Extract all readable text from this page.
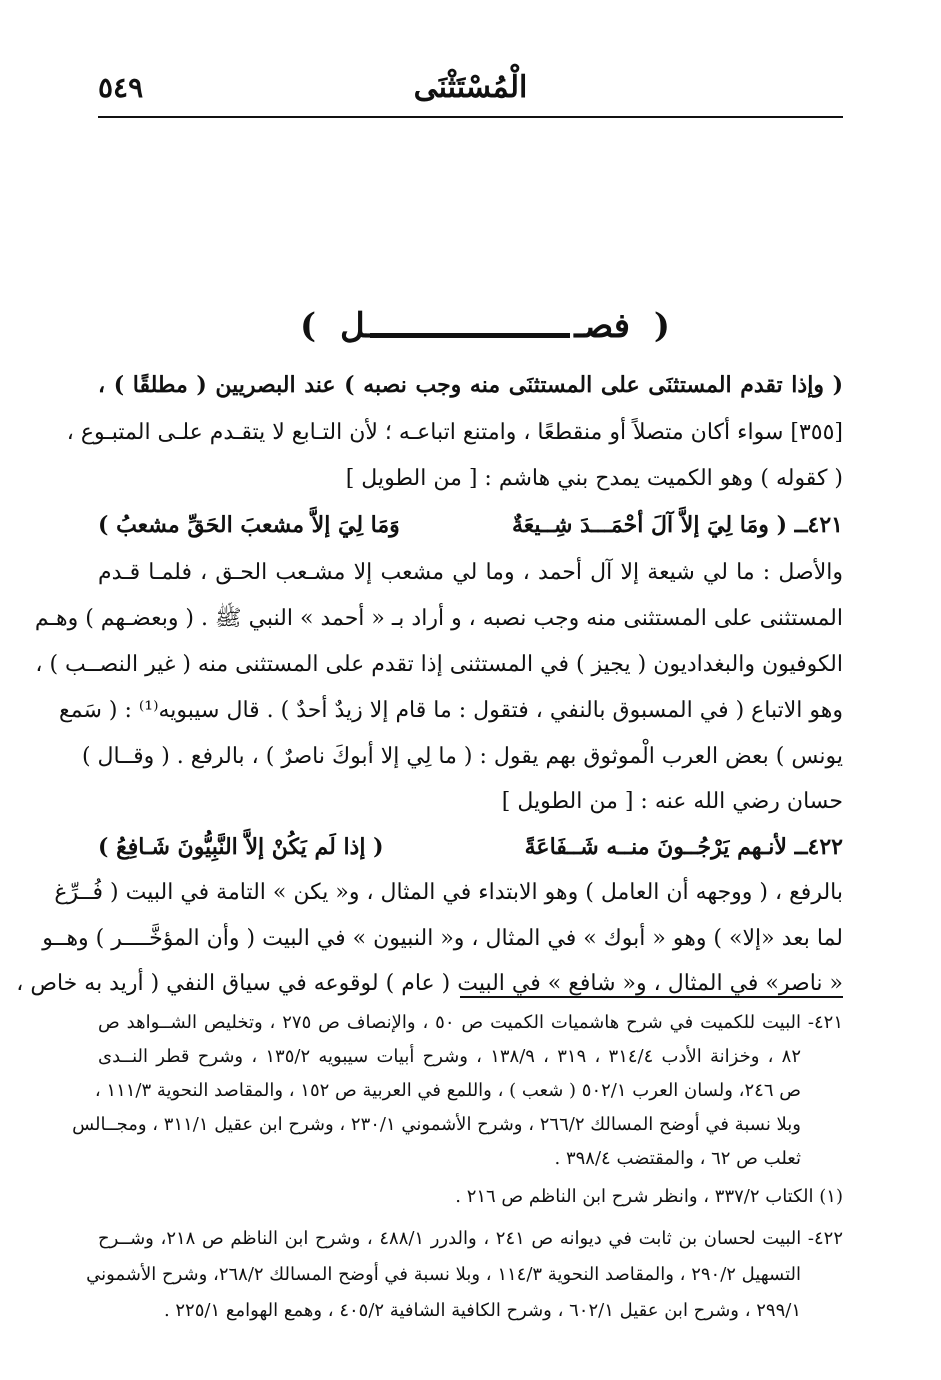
الْمُسْتَثْنَى
٥٤٩
(
فصـ
ـل
)
( وإذا تقدم المستثنَى على المستثنَى منه وجب نصبه ) عند البصريين ( مطلقًا ) ،
[٣٥٥] سواء أكان متصلاً أو منقطعًا ، وامتنع اتباعـه ؛ لأن التـابع لا يتقـدم علـى المتبـوع ،
( كقوله ) وهو الكميت يمدح بني هاشم : [ من الطويل ]
٤٢١ــ ( ومَا لِيَ إلاَّ آلَ أحْمَـــدَ شِــيعَةٌ
وَمَا لِيَ إلاَّ مشعبَ الحَقِّ مشعبُ )
والأصل : ما لي شيعة إلا آل أحمد ، وما لي مشعب إلا مشـعب الحـق ، فلمـا قـدم
المستثنى على المستثنى منه وجب نصبه ، و أراد بـ « أحمد » النبي ﷺ . ( وبعضـهم ) وهـم
الكوفيون والبغداديون ( يجيز ) في المستثنى إذا تقدم على المستثنى منه ( غير النصــب ) ،
وهو الاتباع ( في المسبوق بالنفي ، فتقول : ما قام إلا زيدٌ أحدٌ ) . قال سيبويه⁽¹⁾ : ( سَمع
يونس ) بعض العرب الْموثوق بهم يقول : ( ما لِي إلا أبوكَ ناصرٌ ) ، بالرفع . ( وقــال )
حسان رضي الله عنه : [ من الطويل ]
٤٢٢ــ لأنـهم يَرْجُــونَ منــه شَــفَاعَةً
( إذا لَم يَكُنْ إلاَّ النَّبِيُّونَ شَـافِعُ )
بالرفع ، ( ووجهه أن العامل ) وهو الابتداء في المثال ، و« يكن » التامة في البيت ( فُــرِّغ
لما بعد «إلا» ) وهو « أبوك » في المثال ، و« النبيون » في البيت ( وأن المؤخَّــــر ) وهــو
« ناصر» في المثال ، و« شافع » في البيت ( عام ) لوقوعه في سياق النفي ( أريد به خاص ،
٤٢١- البيت للكميت في شرح هاشميات الكميت ص ٥٠ ، والإنصاف ص ٢٧٥ ، وتخليص الشــواهد ص
٨٢ ، وخزانة الأدب ٣١٤/٤ ، ٣١٩ ، ١٣٨/٩ ، وشرح أبيات سيبويه ١٣٥/٢ ، وشرح قطر النــدى
ص ٢٤٦، ولسان العرب ٥٠٢/١ ( شعب ) ، واللمع في العربية ص ١٥٢ ، والمقاصد النحوية ١١١/٣ ،
وبلا نسبة في أوضح المسالك ٢٦٦/٢ ، وشرح الأشموني ٢٣٠/١ ، وشرح ابن عقيل ٣١١/١ ، ومجــالس
ثعلب ص ٦٢ ، والمقتضب ٣٩٨/٤ .
(١) الكتاب ٣٣٧/٢ ، وانظر شرح ابن الناظم ص ٢١٦ .
٤٢٢- البيت لحسان بن ثابت في ديوانه ص ٢٤١ ، والدرر ٤٨٨/١ ، وشرح ابن الناظم ص ٢١٨، وشــرح
التسهيل ٢٩٠/٢ ، والمقاصد النحوية ١١٤/٣ ، وبلا نسبة في أوضح المسالك ٢٦٨/٢، وشرح الأشموني
٢٩٩/١ ، وشرح ابن عقيل ٦٠٢/١ ، وشرح الكافية الشافية ٤٠٥/٢ ، وهمع الهوامع ٢٢٥/١ .
